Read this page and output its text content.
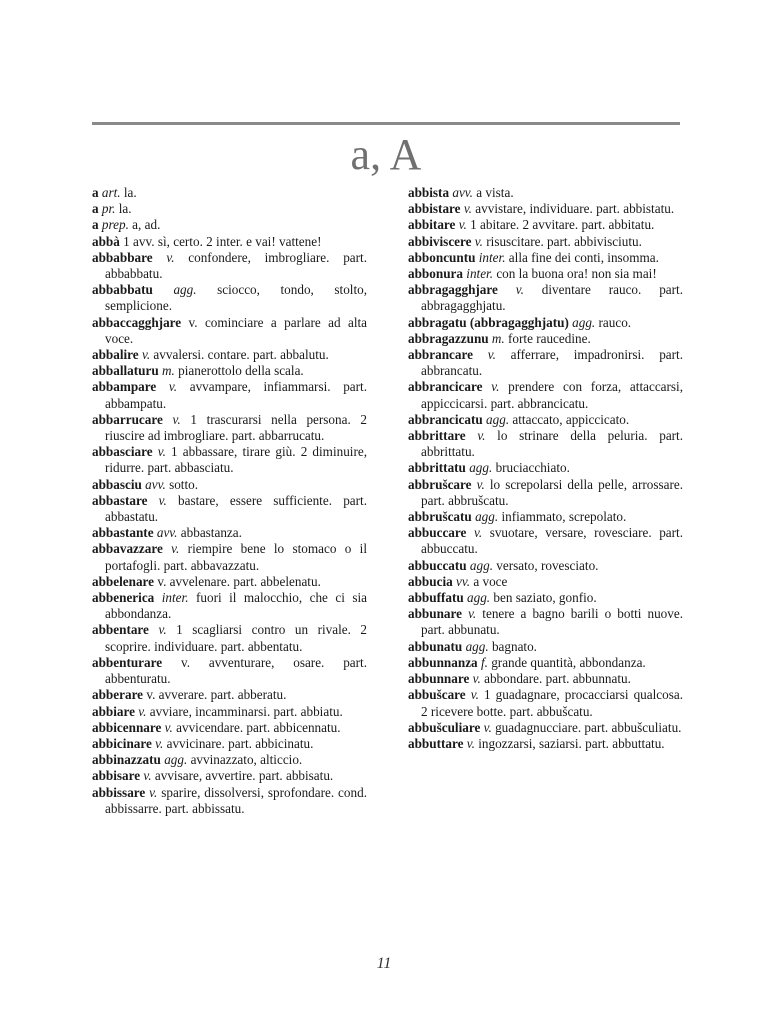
a, A

a art. la.

a pr. la.

a prep. a, ad.

abbà 1 avv. sì, certo. 2 inter. e vai! vattene!

abbabbare v. confondere, imbrogliare. part. abbabbatu.

abbabbatu agg. sciocco, tondo, stolto, semplicione.

abbaccagghjare v. cominciare a parlare ad alta voce.

abbalire v. avvalersi. contare. part. abbalutu.

abballaturu m. pianerottolo della scala.

abbampare v. avvampare, infiammarsi. part. abbampatu.

abbarrucare v. 1 trascurarsi nella persona. 2 riuscire ad imbrogliare. part. abbarrucatu.

abbasciare v. 1 abbassare, tirare giù. 2 diminuire, ridurre. part. abbasciatu.

abbasciu avv. sotto.

abbastare v. bastare, essere sufficiente. part. abbastatu.

abbastante avv. abbastanza.

abbavazzare v. riempire bene lo stomaco o il portafogli. part. abbavazzatu.

abbelenare v. avvelenare. part. abbelenatu.

abbenerica inter. fuori il malocchio, che ci sia abbondanza.

abbentare v. 1 scagliarsi contro un rivale. 2 scoprire. individuare. part. abbentatu.

abbenturare v. avventurare, osare. part. abbenturatu.

abberare v. avverare. part. abberatu.

abbiare v. avviare, incamminarsi. part. abbiatu.

abbicennare v. avvicendare. part. abbicennatu.

abbicinare v. avvicinare. part. abbicinatu.

abbinazzatu agg. avvinazzato, alticcio.

abbisare v. avvisare, avvertire. part. abbisatu.

abbissare v. sparire, dissolversi, sprofondare. cond. abbissarre. part. abbissatu.

abbista avv. a vista.

abbistare v. avvistare, individuare. part. abbistatu.

abbitare v. 1 abitare. 2 avvitare. part. abbitatu.

abbiviscere v. risuscitare. part. abbivisciutu.

abboncuntu inter. alla fine dei conti, insomma.

abbonura inter. con la buona ora! non sia mai!

abbragagghjare v. diventare rauco. part. abbragagghjatu.

abbragatu (abbragagghjatu) agg. rauco.

abbragazzunu m. forte raucedine.

abbrancare v. afferrare, impadronirsi. part. abbrancatu.

abbrancicare v. prendere con forza, attaccarsi, appiccicarsi. part. abbrancicatu.

abbrancicatu agg. attaccato, appiccicato.

abbrittare v. lo strinare della peluria. part. abbrittatu.

abbrittatu agg. bruciacchiato.

abbrušcare v. lo screpolarsi della pelle, arrossare. part. abbrušcatu.

abbrušcatu agg. infiammato, screpolato.

abbuccare v. svuotare, versare, rovesciare. part. abbuccatu.

abbuccatu agg. versato, rovesciato.

abbucia vv. a voce

abbuffatu agg. ben saziato, gonfio.

abbunare v. tenere a bagno barili o botti nuove. part. abbunatu.

abbunatu agg. bagnato.

abbunnanza f. grande quantità, abbondanza.

abbunnare v. abbondare. part. abbunnatu.

abbušcare v. 1 guadagnare, procacciarsi qualcosa. 2 ricevere botte. part. abbušcatu.

abbušculiare v. guadagnucciare. part. abbušculiatu.

abbuttare v. ingozzarsi, saziarsi. part. abbuttatu.

11
